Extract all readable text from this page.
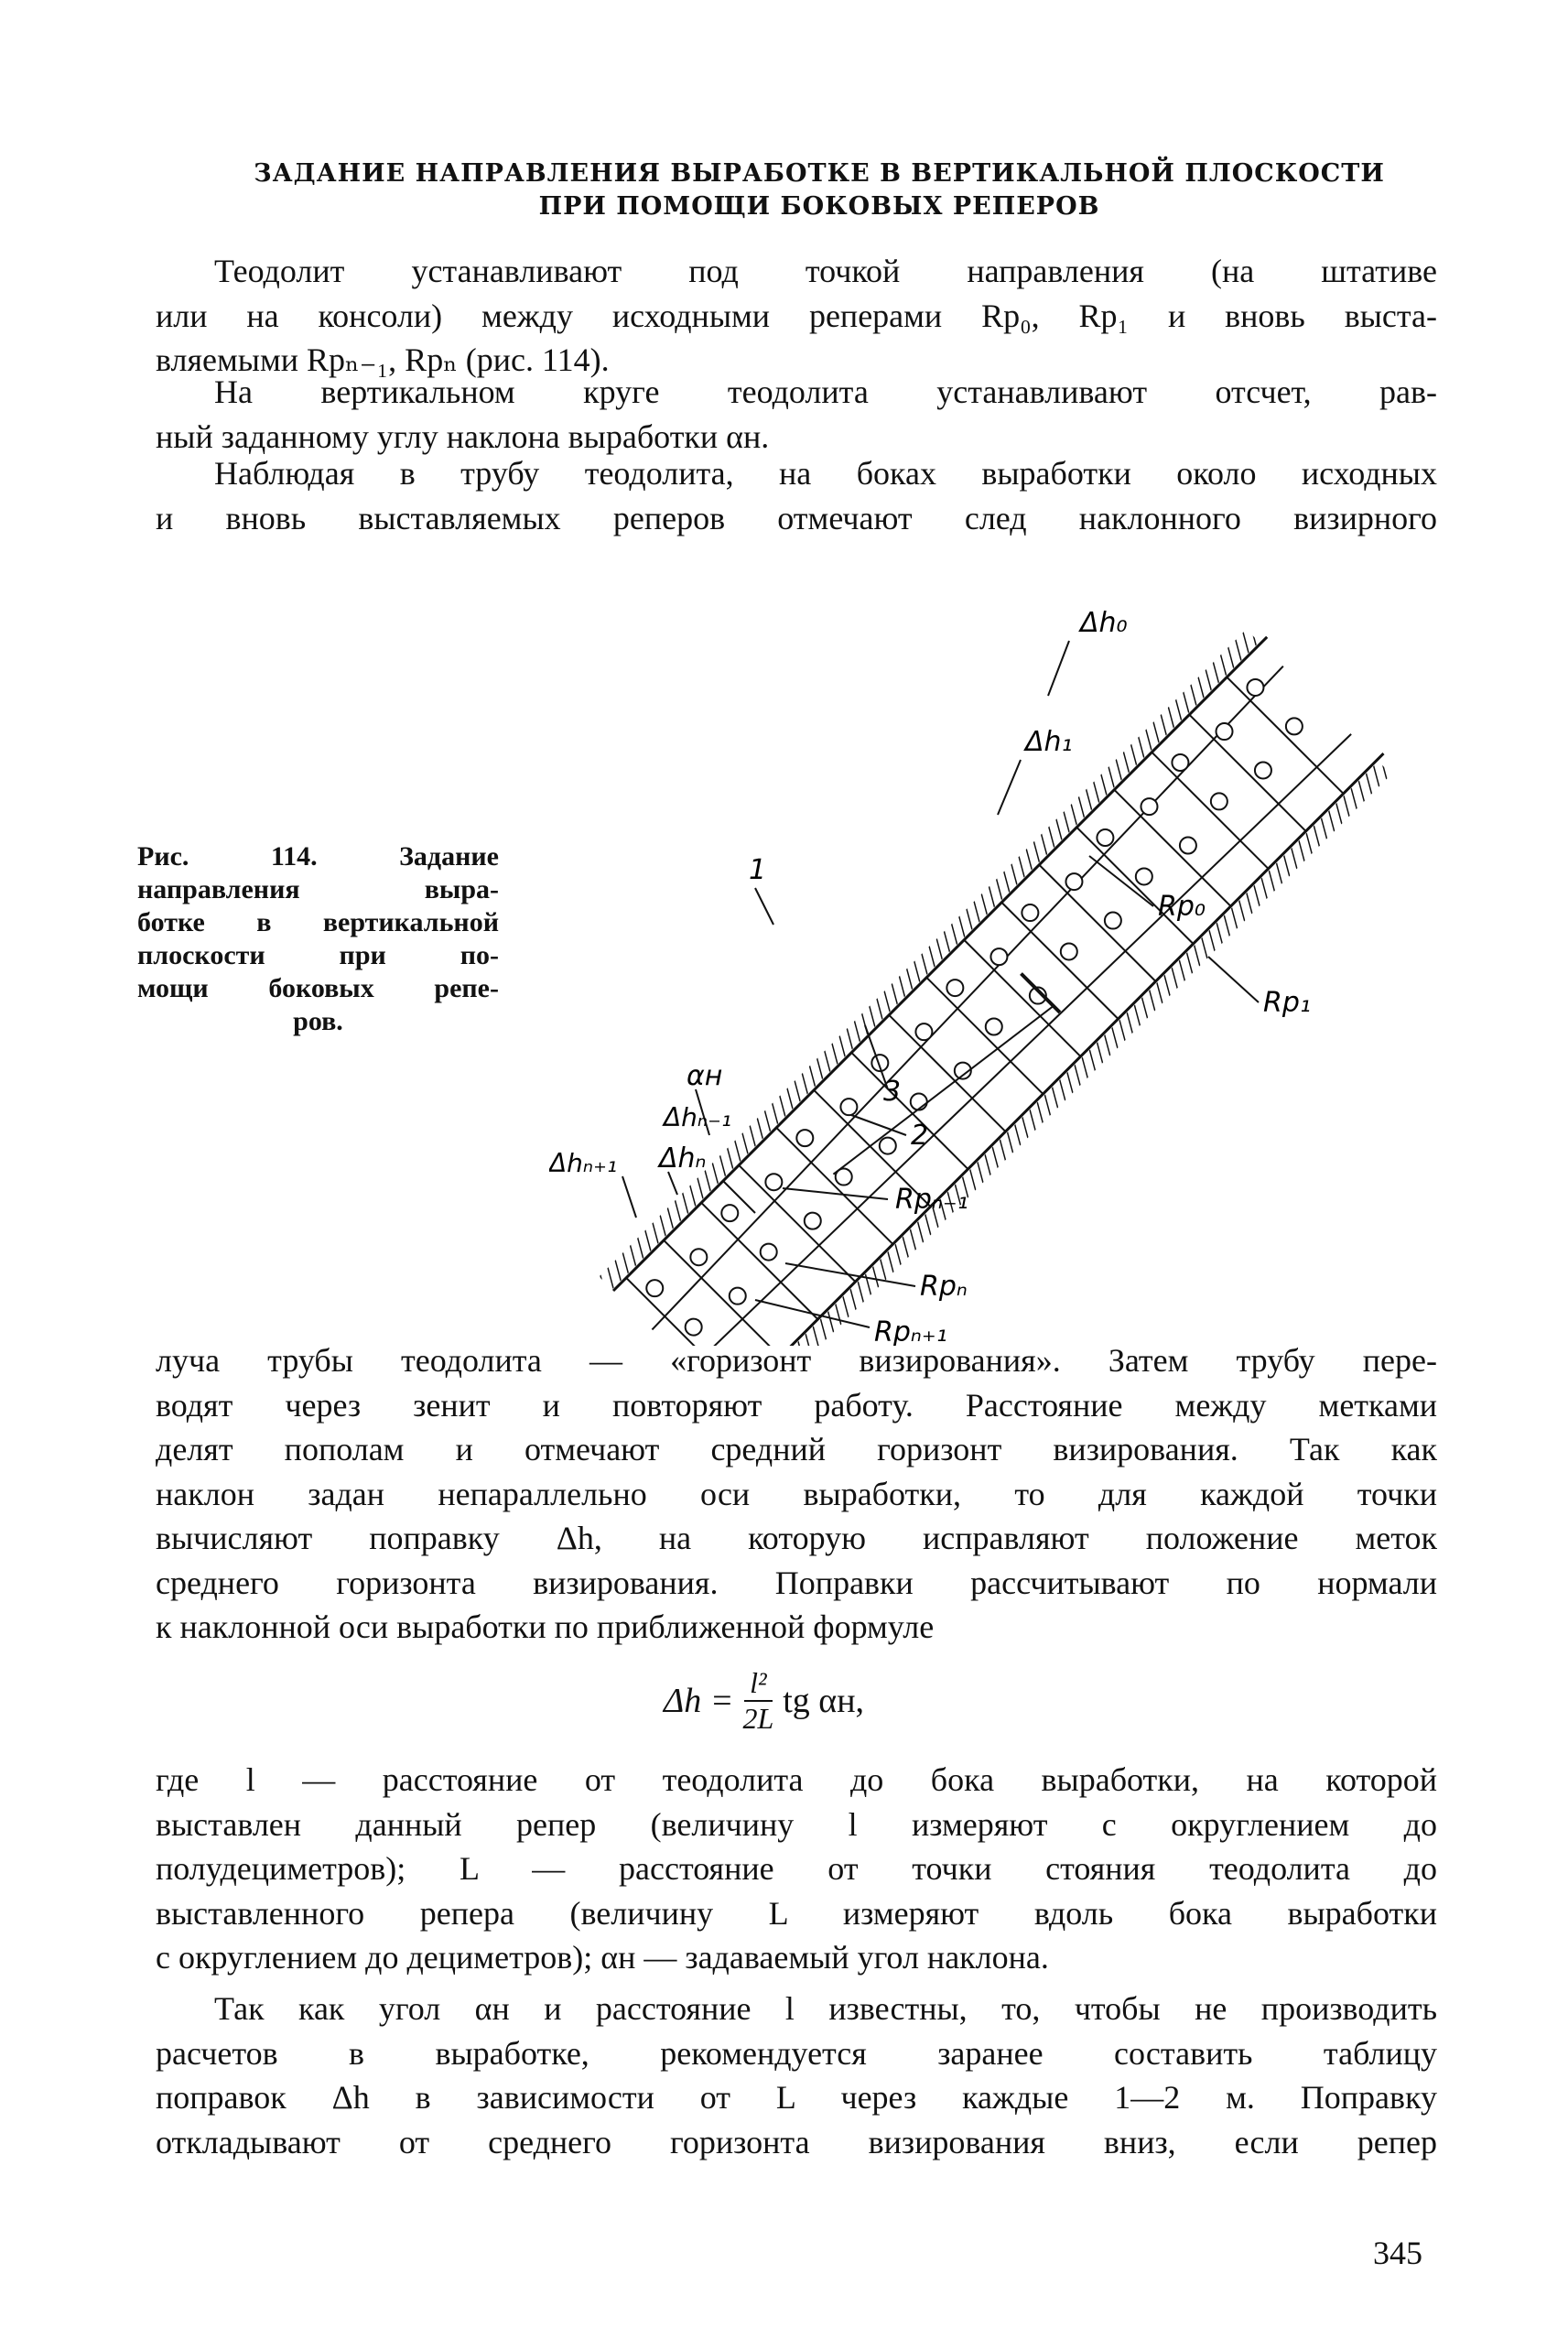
ЗАДАНИЕ НАПРАВЛЕНИЯ ВЫРАБОТКЕ В ВЕРТИКАЛЬНОЙ ПЛОСКОСТИ
ПРИ ПОМОЩИ БОКОВЫХ РЕПЕРОВ
Теодолит устанавливают под точкой направления (на штативе
или на консоли) между исходными реперами Rp₀, Rp₁ и вновь выста-
вляемыми Rpₙ₋₁, Rpₙ (рис. 114).
На вертикальном круге теодолита устанавливают отсчет, рав-
ный заданному углу наклона выработки αн.
Наблюдая в трубу теодолита, на боках выработки около исходных
и вновь выставляемых реперов отмечают след наклонного визирного
Рис. 114. Задание
направления выра-
ботке в вертикальной
плоскости при по-
мощи боковых репе-
ров.
Δh₀
Δh₁
Rp₀
1
Rp₁
αн
Δhₙ₋₁
3
Δhₙ
Δhₙ₊₁
2
Rpₙ₋₁
Rpₙ
Rpₙ₊₁
луча трубы теодолита — «горизонт визирования». Затем трубу пере-
водят через зенит и повторяют работу. Расстояние между метками
делят пополам и отмечают средний горизонт визирования. Так как
наклон задан непараллельно оси выработки, то для каждой точки
вычисляют поправку Δh, на которую исправляют положение меток
среднего горизонта визирования. Поправки рассчитывают по нормали
к наклонной оси выработки по приближенной формуле
$\Delta h = \frac{\text{l²}}{2L}$ tg αн,
где l — расстояние от теодолита до бока выработки, на которой
выставлен данный репер (величину l измеряют с округлением до
полудециметров); L — расстояние от точки стояния теодолита до
выставленного репера (величину L измеряют вдоль бока выработки
с округлением до дециметров); αн — задаваемый угол наклона.
Так как угол αн и расстояние l известны, то, чтобы не производить
расчетов в выработке, рекомендуется заранее составить таблицу
поправок Δh в зависимости от L через каждые 1—2 м. Поправку
откладывают от среднего горизонта визирования вниз, если репер
345
